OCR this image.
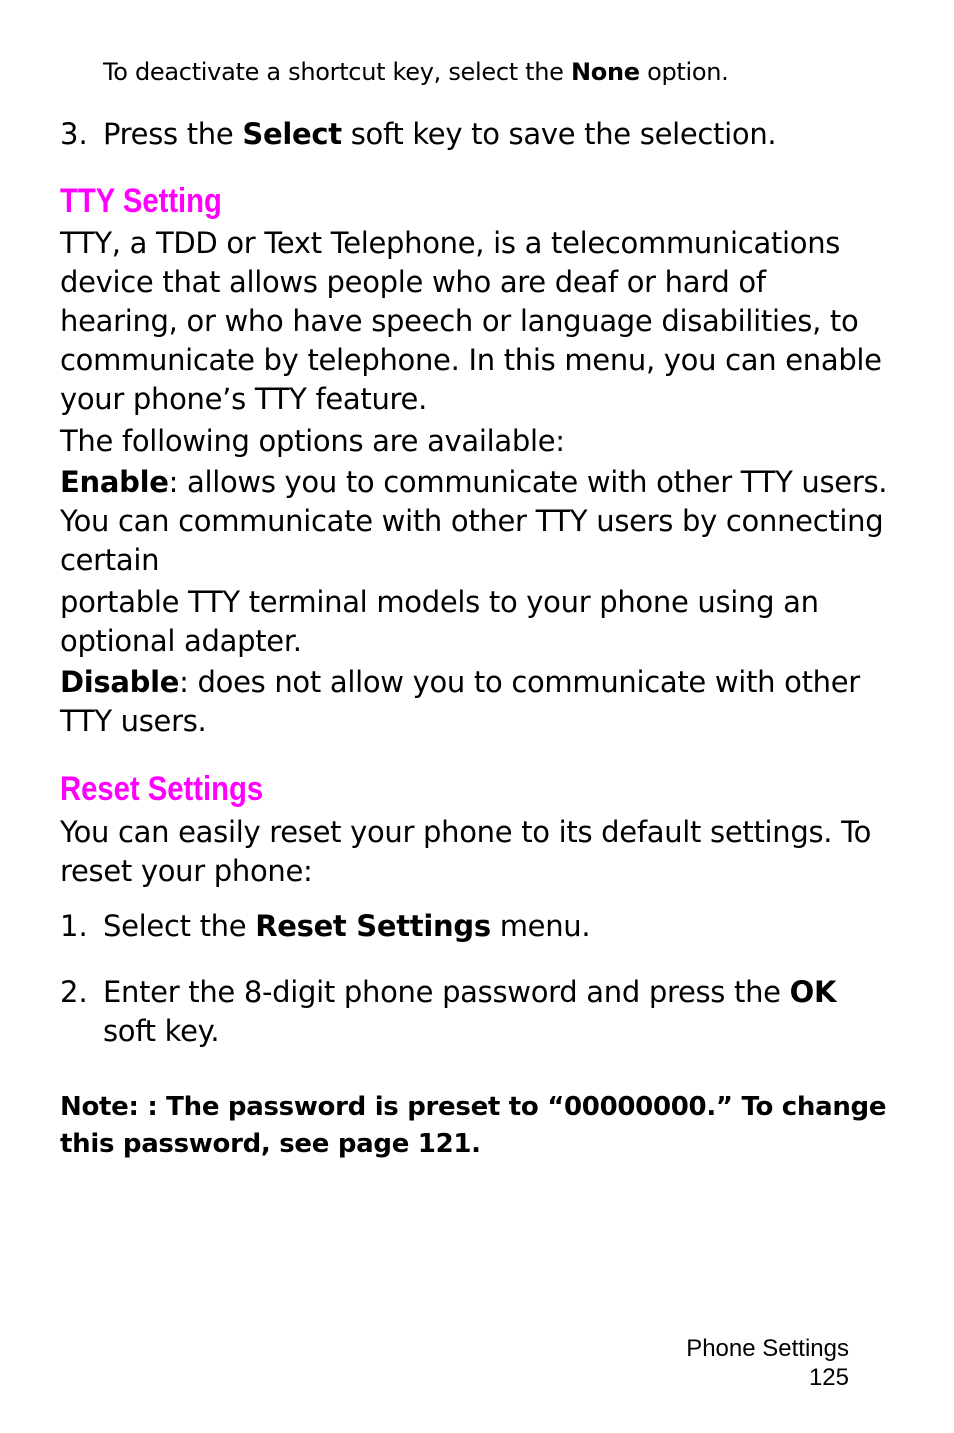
To deactivate a shortcut key, select the None option.

3. Press the Select soft key to save the selection.

TTY Setting

TTY, a TDD or Text Telephone, is a telecommunications device that allows people who are deaf or hard of hearing, or who have speech or language disabilities, to communicate by telephone. In this menu, you can enable your phone’s TTY feature.

The following options are available:

Enable: allows you to communicate with other TTY users. You can communicate with other TTY users by connecting certain

portable TTY terminal models to your phone using an optional adapter.

Disable: does not allow you to communicate with other TTY users.

Reset Settings

You can easily reset your phone to its default settings. To reset your phone:

1. Select the Reset Settings menu.

2. Enter the 8-digit phone password and press the OK soft key.

Note: : The password is preset to “00000000.” To change this password, see page 121.

Phone Settings
125
